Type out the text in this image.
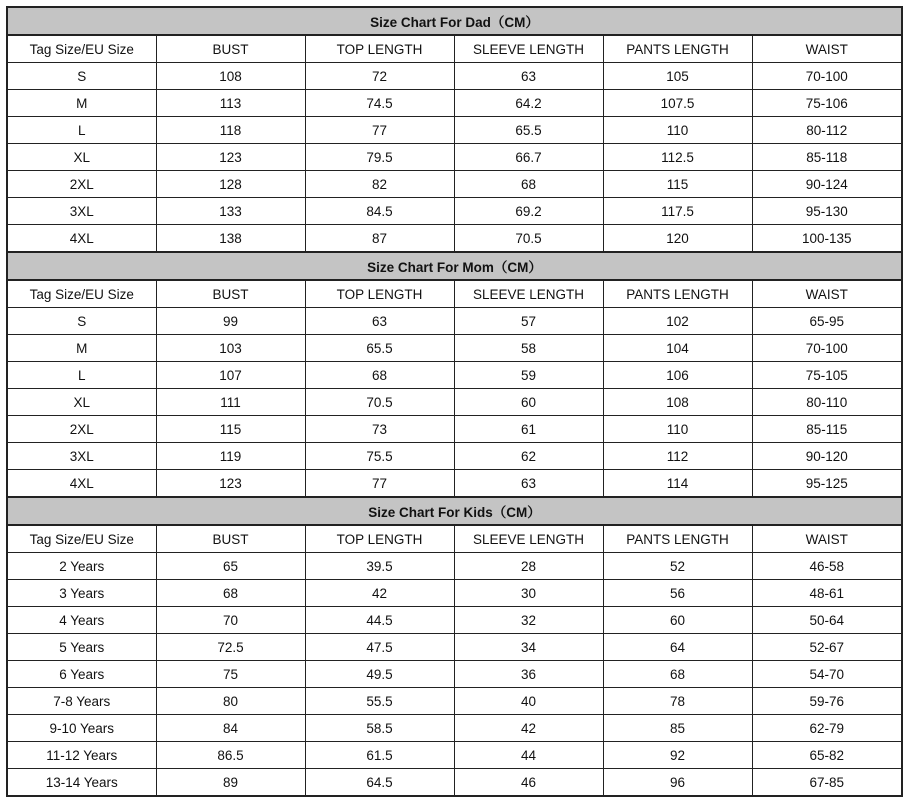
Size Chart For Dad（CM）					
Tag Size/EU Size	BUST	TOP LENGTH	SLEEVE LENGTH	PANTS LENGTH	WAIST
S	108	72	63	105	70-100
M	113	74.5	64.2	107.5	75-106
L	118	77	65.5	110	80-112
XL	123	79.5	66.7	112.5	85-118
2XL	128	82	68	115	90-124
3XL	133	84.5	69.2	117.5	95-130
4XL	138	87	70.5	120	100-135
Size Chart For Mom（CM）					
Tag Size/EU Size	BUST	TOP LENGTH	SLEEVE LENGTH	PANTS LENGTH	WAIST
S	99	63	57	102	65-95
M	103	65.5	58	104	70-100
L	107	68	59	106	75-105
XL	111	70.5	60	108	80-110
2XL	115	73	61	110	85-115
3XL	119	75.5	62	112	90-120
4XL	123	77	63	114	95-125
Size Chart For Kids（CM）					
Tag Size/EU Size	BUST	TOP LENGTH	SLEEVE LENGTH	PANTS LENGTH	WAIST
2 Years	65	39.5	28	52	46-58
3 Years	68	42	30	56	48-61
4 Years	70	44.5	32	60	50-64
5 Years	72.5	47.5	34	64	52-67
6 Years	75	49.5	36	68	54-70
7-8 Years	80	55.5	40	78	59-76
9-10 Years	84	58.5	42	85	62-79
11-12 Years	86.5	61.5	44	92	65-82
13-14 Years	89	64.5	46	96	67-85
